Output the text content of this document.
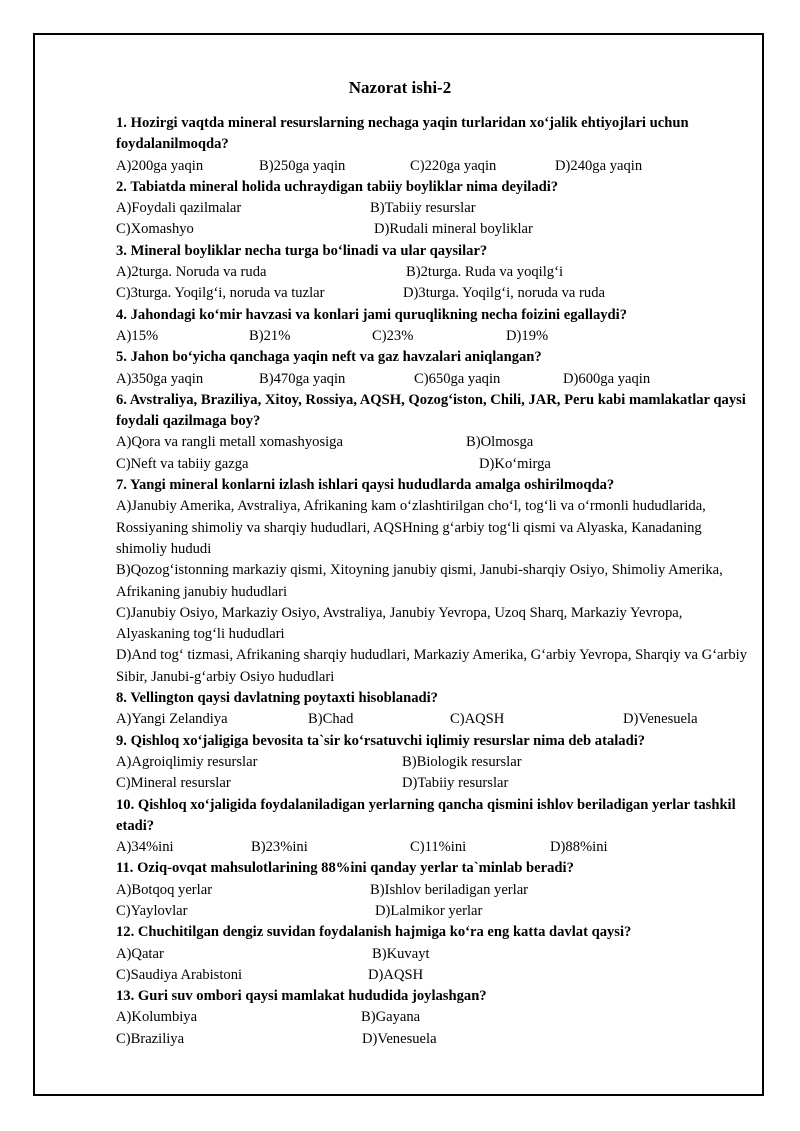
Nazorat ishi-2
1. Hozirgi vaqtda mineral resurslarning nechaga yaqin turlaridan xo‘jalik ehtiyojlari uchun foydalanilmoqda?
A)200ga yaqin	B)250ga yaqin	C)220ga yaqin	D)240ga yaqin
2. Tabiatda mineral holida uchraydigan tabiiy boyliklar nima deyiladi?
A)Foydali qazilmalar	B)Tabiiy resurslar
C)Xomashyo	D)Rudali mineral boyliklar
3. Mineral boyliklar necha turga bo‘linadi va ular qaysilar?
A)2turga. Noruda va ruda	B)2turga. Ruda va yoqilg‘i
C)3turga. Yoqilg‘i, noruda va tuzlar	D)3turga. Yoqilg‘i, noruda va ruda
4. Jahondagi ko‘mir havzasi va konlari jami quruqlikning necha foizini egallaydi?
A)15%	B)21%	C)23%	D)19%
5. Jahon bo‘yicha qanchaga yaqin neft va gaz havzalari aniqlangan?
A)350ga yaqin	B)470ga yaqin	C)650ga yaqin	D)600ga yaqin
6. Avstraliya, Braziliya, Xitoy, Rossiya, AQSH, Qozog‘iston, Chili, JAR, Peru kabi mamlakatlar qaysi foydali qazilmaga boy?
A)Qora va rangli metall xomashyosiga	B)Olmosga
C)Neft va tabiiy gazga	D)Ko‘mirga
7. Yangi mineral konlarni izlash ishlari qaysi hududlarda amalga oshirilmoqda?
A)Janubiy Amerika, Avstraliya, Afrikaning kam o‘zlashtirilgan cho‘l, tog‘li va o‘rmonli hududlarida, Rossiyaning shimoliy va sharqiy hududlari, AQSHning g‘arbiy tog‘li qismi va Alyaska, Kanadaning shimoliy hududi
B)Qozog‘istonning markaziy qismi, Xitoyning janubiy qismi, Janubi-sharqiy Osiyo, Shimoliy Amerika, Afrikaning janubiy hududlari
C)Janubiy Osiyo, Markaziy Osiyo, Avstraliya, Janubiy Yevropa, Uzoq Sharq, Markaziy Yevropa, Alyaskaning tog‘li hududlari
D)And tog‘ tizmasi, Afrikaning sharqiy hududlari, Markaziy Amerika, G‘arbiy Yevropa, Sharqiy va G‘arbiy Sibir, Janubi-g‘arbiy Osiyo hududlari
8. Vellington qaysi davlatning poytaxti hisoblanadi?
A)Yangi Zelandiya	B)Chad	C)AQSH	D)Venesuela
9. Qishloq xo‘jaligiga bevosita ta`sir ko‘rsatuvchi iqlimiy resurslar nima deb ataladi?
A)Agroiqlimiy resurslar	B)Biologik resurslar
C)Mineral resurslar	D)Tabiiy resurslar
10. Qishloq xo‘jaligida foydalaniladigan yerlarning qancha qismini ishlov beriladigan yerlar tashkil etadi?
A)34%ini	B)23%ini	C)11%ini	D)88%ini
11. Oziq-ovqat mahsulotlarining 88%ini qanday yerlar ta`minlab beradi?
A)Botqoq yerlar	B)Ishlov beriladigan yerlar
C)Yaylovlar	D)Lalmikor yerlar
12. Chuchitilgan dengiz suvidan foydalanish hajmiga ko‘ra eng katta davlat qaysi?
A)Qatar	B)Kuvayt
C)Saudiya Arabistoni	D)AQSH
13. Guri suv ombori qaysi mamlakat hududida joylashgan?
A)Kolumbiya	B)Gayana
C)Braziliya	D)Venesuela
